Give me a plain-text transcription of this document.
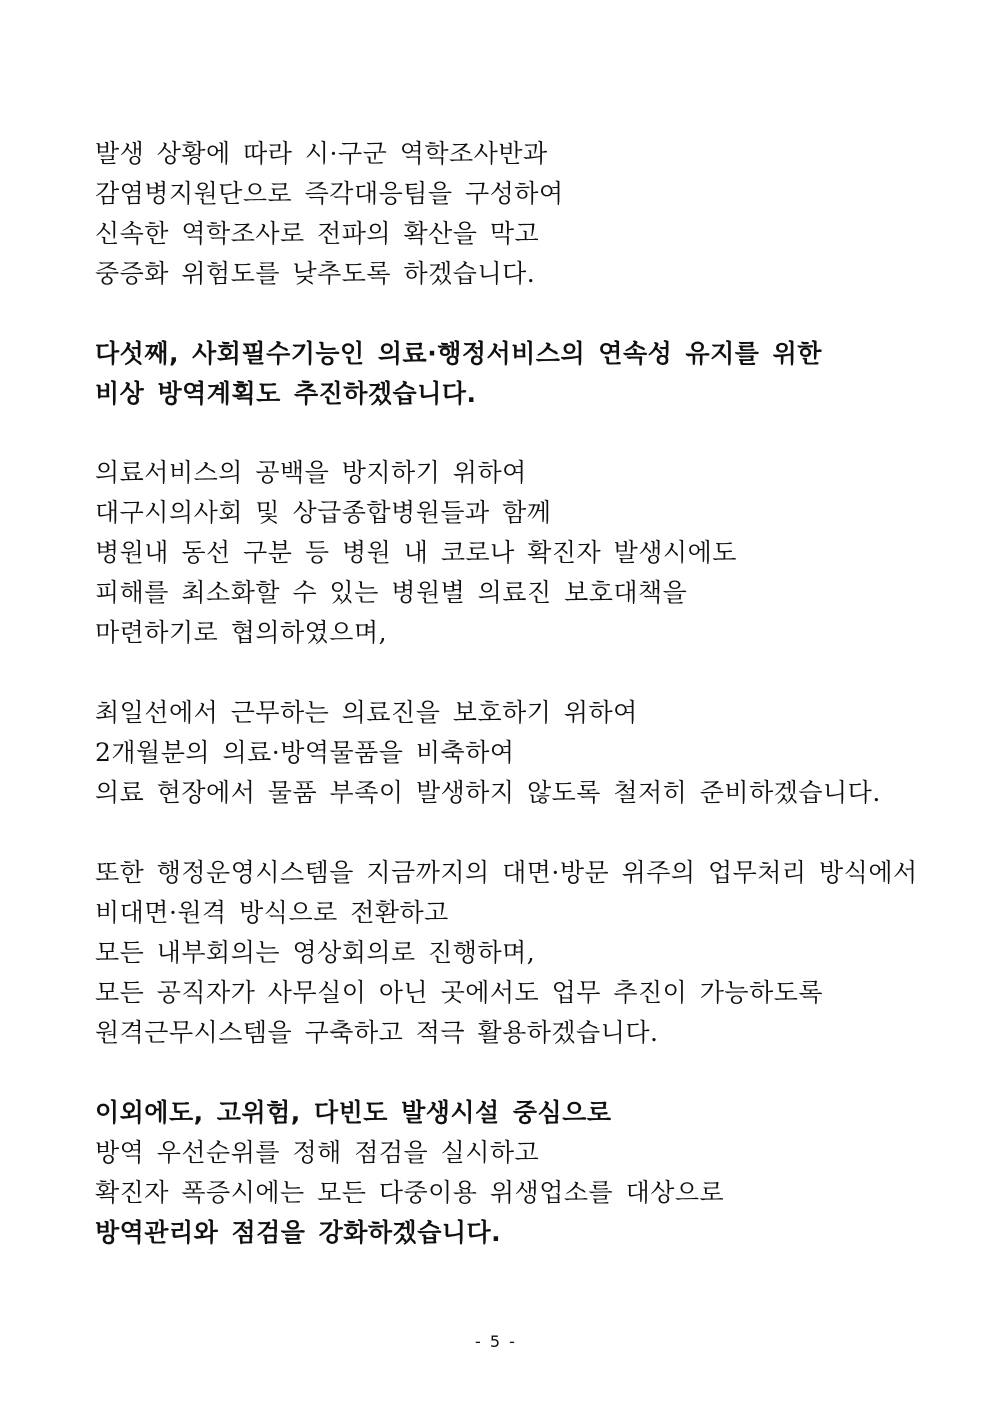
발생 상황에 따라 시·구군 역학조사반과
감염병지원단으로 즉각대응팀을 구성하여
신속한 역학조사로 전파의 확산을 막고
중증화 위험도를 낮추도록 하겠습니다.
다섯째, 사회필수기능인 의료·행정서비스의 연속성 유지를 위한
비상 방역계획도 추진하겠습니다.
의료서비스의 공백을 방지하기 위하여
대구시의사회 및 상급종합병원들과 함께
병원내 동선 구분 등 병원 내 코로나 확진자 발생시에도
피해를 최소화할 수 있는 병원별 의료진 보호대책을
마련하기로 협의하였으며,
최일선에서 근무하는 의료진을 보호하기 위하여
2개월분의 의료·방역물품을 비축하여
의료 현장에서 물품 부족이 발생하지 않도록 철저히 준비하겠습니다.
또한 행정운영시스템을 지금까지의 대면·방문 위주의 업무처리 방식에서
비대면·원격 방식으로 전환하고
모든 내부회의는 영상회의로 진행하며,
모든 공직자가 사무실이 아닌 곳에서도 업무 추진이 가능하도록
원격근무시스템을 구축하고 적극 활용하겠습니다.
이외에도, 고위험, 다빈도 발생시설 중심으로
방역 우선순위를 정해 점검을 실시하고
확진자 폭증시에는 모든 다중이용 위생업소를 대상으로
방역관리와 점검을 강화하겠습니다.
- 5 -
